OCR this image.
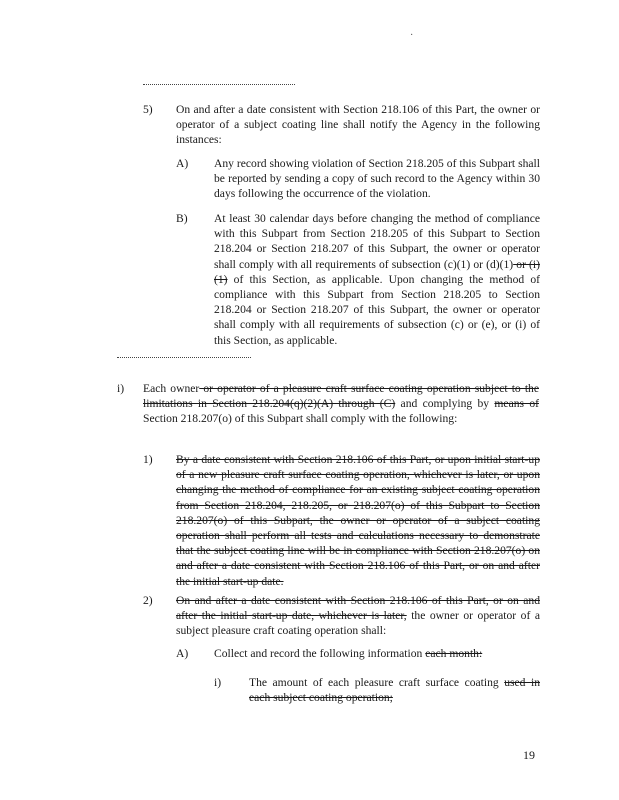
·
5) On and after a date consistent with Section 218.106 of this Part, the owner or operator of a subject coating line shall notify the Agency in the following instances:
A) Any record showing violation of Section 218.205 of this Subpart shall be reported by sending a copy of such record to the Agency within 30 days following the occurrence of the violation.
B) At least 30 calendar days before changing the method of compliance with this Subpart from Section 218.205 of this Subpart to Section 218.204 or Section 218.207 of this Subpart, the owner or operator shall comply with all requirements of subsection (c)(1) or (d)(1) or (i)(1) of this Section, as applicable. Upon changing the method of compliance with this Subpart from Section 218.205 to Section 218.204 or Section 218.207 of this Subpart, the owner or operator shall comply with all requirements of subsection (c) or (e), or (i) of this Section, as applicable.
i) Each owner or operator of a pleasure craft surface coating operation subject to the limitations in Section 218.204(q)(2)(A) through (C) and complying by means of Section 218.207(o) of this Subpart shall comply with the following:
1) By a date consistent with Section 218.106 of this Part, or upon initial start-up of a new pleasure craft surface coating operation, whichever is later, or upon changing the method of compliance for an existing subject coating operation from Section 218.204, 218.205, or 218.207(o) of this Subpart to Section 218.207(o) of this Subpart, the owner or operator of a subject coating operation shall perform all tests and calculations necessary to demonstrate that the subject coating line will be in compliance with Section 218.207(o) on and after a date consistent with Section 218.106 of this Part, or on and after the initial start-up date.
2) On and after a date consistent with Section 218.106 of this Part, or on and after the initial start-up date, whichever is later, the owner or operator of a subject pleasure craft coating operation shall:
A) Collect and record the following information each month:
i) The amount of each pleasure craft surface coating used in each subject coating operation;
19
